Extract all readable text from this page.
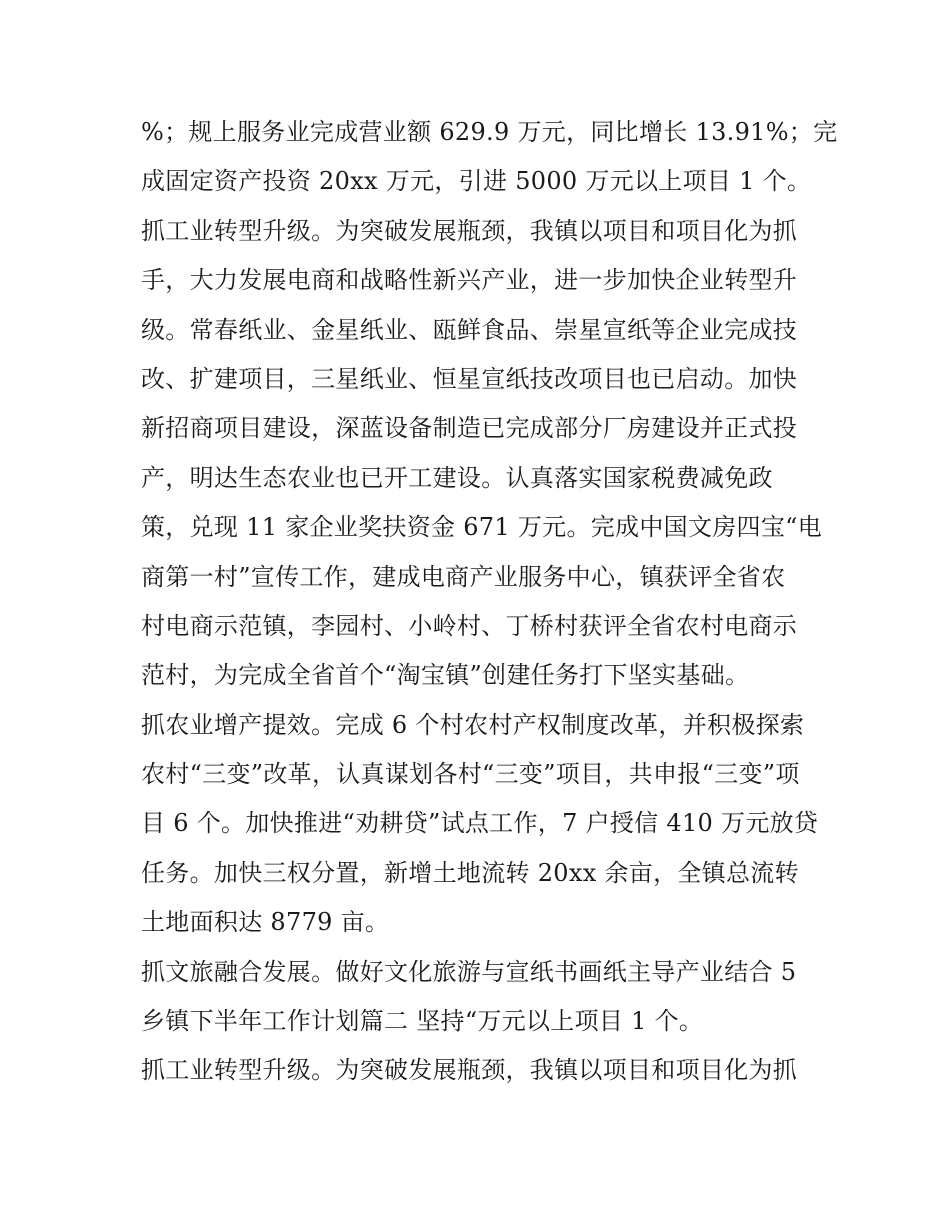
%；规上服务业完成营业额 629.9 万元，同比增长 13.91%；完
成固定资产投资 20xx 万元，引进 5000 万元以上项目 1 个。
抓工业转型升级。为突破发展瓶颈，我镇以项目和项目化为抓
手，大力发展电商和战略性新兴产业，进一步加快企业转型升
级。常春纸业、金星纸业、瓯鲜食品、崇星宣纸等企业完成技
改、扩建项目，三星纸业、恒星宣纸技改项目也已启动。加快
新招商项目建设，深蓝设备制造已完成部分厂房建设并正式投
产，明达生态农业也已开工建设。认真落实国家税费减免政
策，兑现 11 家企业奖扶资金 671 万元。完成中国文房四宝“电
商第一村”宣传工作，建成电商产业服务中心，镇获评全省农
村电商示范镇，李园村、小岭村、丁桥村获评全省农村电商示
范村，为完成全省首个“淘宝镇”创建任务打下坚实基础。
抓农业增产提效。完成 6 个村农村产权制度改革，并积极探索
农村“三变”改革，认真谋划各村“三变”项目，共申报“三变”项
目 6 个。加快推进“劝耕贷”试点工作，7 户授信 410 万元放贷
任务。加快三权分置，新增土地流转 20xx 余亩，全镇总流转
土地面积达 8779 亩。
抓文旅融合发展。做好文化旅游与宣纸书画纸主导产业结合 5
乡镇下半年工作计划篇二 坚持“万元以上项目 1 个。
抓工业转型升级。为突破发展瓶颈，我镇以项目和项目化为抓
